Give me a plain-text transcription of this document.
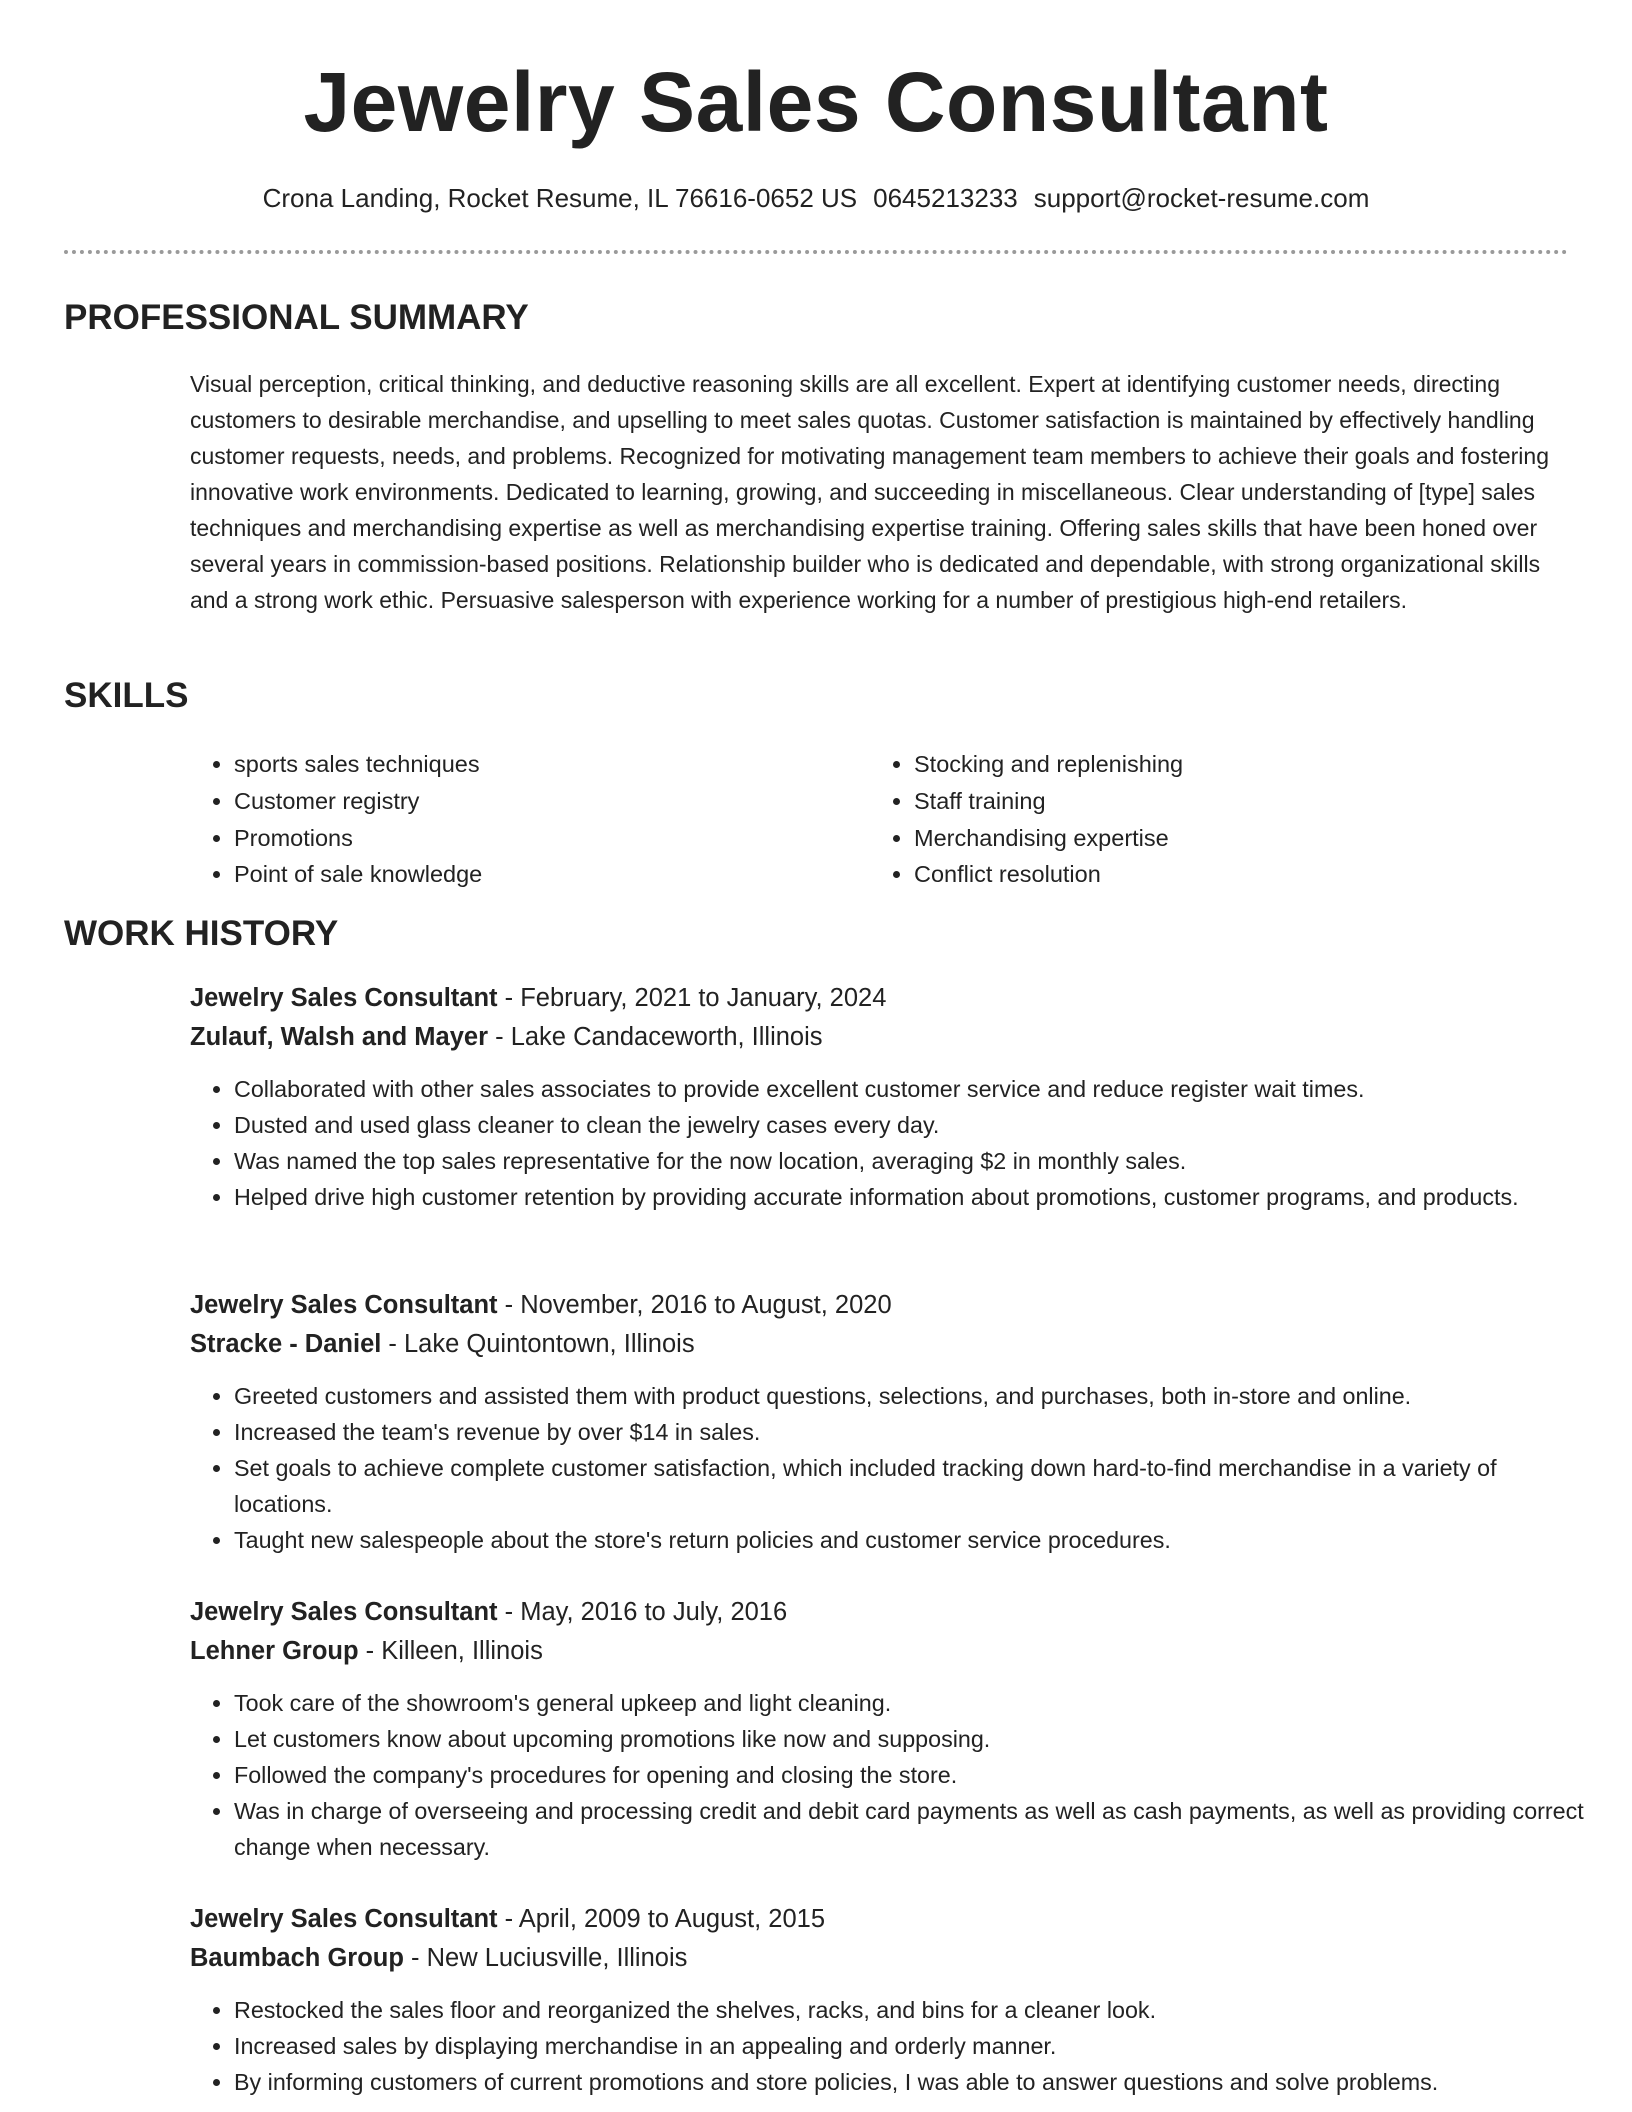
Jewelry Sales Consultant
Crona Landing, Rocket Resume, IL 76616-0652 US 0645213233 support@rocket-resume.com
PROFESSIONAL SUMMARY
Visual perception, critical thinking, and deductive reasoning skills are all excellent. Expert at identifying customer needs, directing customers to desirable merchandise, and upselling to meet sales quotas. Customer satisfaction is maintained by effectively handling customer requests, needs, and problems. Recognized for motivating management team members to achieve their goals and fostering innovative work environments. Dedicated to learning, growing, and succeeding in miscellaneous. Clear understanding of [type] sales techniques and merchandising expertise as well as merchandising expertise training. Offering sales skills that have been honed over several years in commission-based positions. Relationship builder who is dedicated and dependable, with strong organizational skills and a strong work ethic. Persuasive salesperson with experience working for a number of prestigious high-end retailers.
SKILLS
• sports sales techniques
• Customer registry
• Promotions
• Point of sale knowledge
• Stocking and replenishing
• Staff training
• Merchandising expertise
• Conflict resolution
WORK HISTORY
Jewelry Sales Consultant - February, 2021 to January, 2024
Zulauf, Walsh and Mayer - Lake Candaceworth, Illinois
• Collaborated with other sales associates to provide excellent customer service and reduce register wait times.
• Dusted and used glass cleaner to clean the jewelry cases every day.
• Was named the top sales representative for the now location, averaging $2 in monthly sales.
• Helped drive high customer retention by providing accurate information about promotions, customer programs, and products.
Jewelry Sales Consultant - November, 2016 to August, 2020
Stracke - Daniel - Lake Quintontown, Illinois
• Greeted customers and assisted them with product questions, selections, and purchases, both in-store and online.
• Increased the team's revenue by over $14 in sales.
• Set goals to achieve complete customer satisfaction, which included tracking down hard-to-find merchandise in a variety of locations.
• Taught new salespeople about the store's return policies and customer service procedures.
Jewelry Sales Consultant - May, 2016 to July, 2016
Lehner Group - Killeen, Illinois
• Took care of the showroom's general upkeep and light cleaning.
• Let customers know about upcoming promotions like now and supposing.
• Followed the company's procedures for opening and closing the store.
• Was in charge of overseeing and processing credit and debit card payments as well as cash payments, as well as providing correct change when necessary.
Jewelry Sales Consultant - April, 2009 to August, 2015
Baumbach Group - New Luciusville, Illinois
• Restocked the sales floor and reorganized the shelves, racks, and bins for a cleaner look.
• Increased sales by displaying merchandise in an appealing and orderly manner.
• By informing customers of current promotions and store policies, I was able to answer questions and solve problems.
